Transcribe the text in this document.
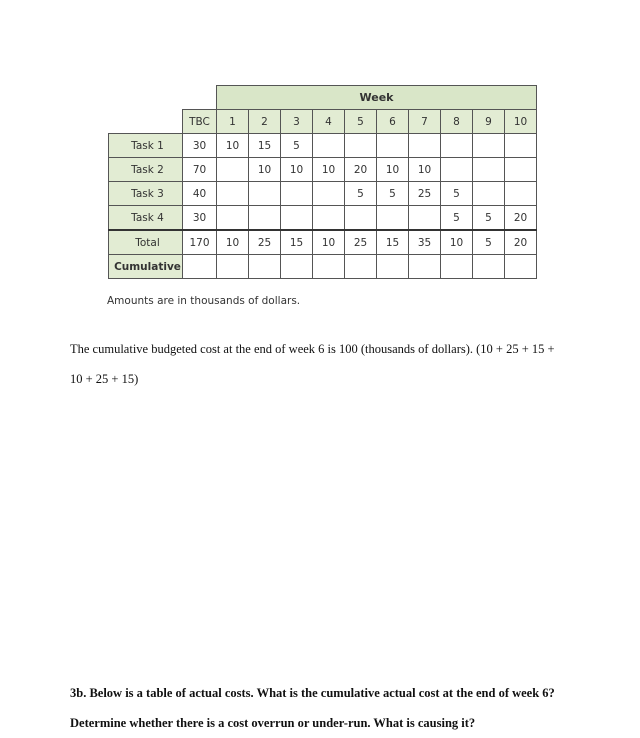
		Week									
	TBC	1	2	3	4	5	6	7	8	9	10
Task 1	30	10	15	5							
Task 2	70		10	10	10	20	10	10			
Task 3	40					5	5	25	5		
Task 4	30								5	5	20
Total	170	10	25	15	10	25	15	35	10	5	20
Cumulative											
Amounts are in thousands of dollars.

The cumulative budgeted cost at the end of week 6 is 100 (thousands of dollars). (10 + 25 + 15 +
10 + 25 + 15)

3b. Below is a table of actual costs. What is the cumulative actual cost at the end of week 6?
Determine whether there is a cost overrun or under-run. What is causing it?
